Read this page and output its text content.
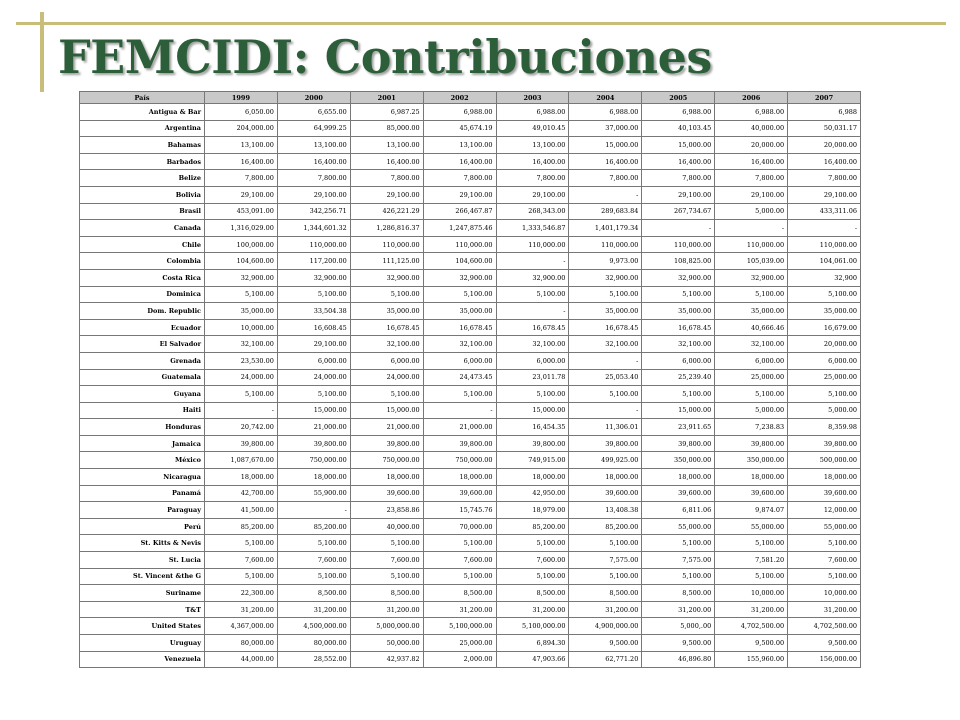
FEMCIDI: Contribuciones
País	1999	2000	2001	2002	2003	2004	2005	2006	2007
Antigua & Bar	6,050.00	6,655.00	6,987.25	6,988.00	6,988.00	6,988.00	6,988.00	6,988.00	6,988
Argentina	204,000.00	64,999.25	85,000.00	45,674.19	49,010.45	37,000.00	40,103.45	40,000.00	50,031.17
Bahamas	13,100.00	13,100.00	13,100.00	13,100.00	13,100.00	15,000.00	15,000.00	20,000.00	20,000.00
Barbados	16,400.00	16,400.00	16,400.00	16,400.00	16,400.00	16,400.00	16,400.00	16,400.00	16,400.00
Belize	7,800.00	7,800.00	7,800.00	7,800.00	7,800.00	7,800.00	7,800.00	7,800.00	7,800.00
Bolivia	29,100.00	29,100.00	29,100.00	29,100.00	29,100.00	-	29,100.00	29,100.00	29,100.00
Brasil	453,091.00	342,256.71	426,221.29	266,467.87	268,343.00	289,683.84	267,734.67	5,000.00	433,311.06
Canada	1,316,029.00	1,344,601.32	1,286,816.37	1,247,875.46	1,333,546.87	1,401,179.34	-	-	-
Chile	100,000.00	110,000.00	110,000.00	110,000.00	110,000.00	110,000.00	110,000.00	110,000.00	110,000.00
Colombia	104,600.00	117,200.00	111,125.00	104,600.00	-	9,973.00	108,825.00	105,039.00	104,061.00
Costa Rica	32,900.00	32,900.00	32,900.00	32,900.00	32,900.00	32,900.00	32,900.00	32,900.00	32,900
Dominica	5,100.00	5,100.00	5,100.00	5,100.00	5,100.00	5,100.00	5,100.00	5,100.00	5,100.00
Dom. Republic	35,000.00	33,504.38	35,000.00	35,000.00	-	35,000.00	35,000.00	35,000.00	35,000.00
Ecuador	10,000.00	16,608.45	16,678.45	16,678.45	16,678.45	16,678.45	16,678.45	40,666.46	16,679.00
El Salvador	32,100.00	29,100.00	32,100.00	32,100.00	32,100.00	32,100.00	32,100.00	32,100.00	20,000.00
Grenada	23,530.00	6,000.00	6,000.00	6,000.00	6,000.00	-	6,000.00	6,000.00	6,000.00
Guatemala	24,000.00	24,000.00	24,000.00	24,473.45	23,011.78	25,053.40	25,239.40	25,000.00	25,000.00
Guyana	5,100.00	5,100.00	5,100.00	5,100.00	5,100.00	5,100.00	5,100.00	5,100.00	5,100.00
Haiti	-	15,000.00	15,000.00	-	15,000.00	-	15,000.00	5,000.00	5,000.00
Honduras	20,742.00	21,000.00	21,000.00	21,000.00	16,454.35	11,306.01	23,911.65	7,238.83	8,359.98
Jamaica	39,800.00	39,800.00	39,800.00	39,800.00	39,800.00	39,800.00	39,800.00	39,800.00	39,800.00
México	1,087,670.00	750,000.00	750,000.00	750,000.00	749,915.00	499,925.00	350,000.00	350,000.00	500,000.00
Nicaragua	18,000.00	18,000.00	18,000.00	18,000.00	18,000.00	18,000.00	18,000.00	18,000.00	18,000.00
Panamá	42,700.00	55,900.00	39,600.00	39,600.00	42,950.00	39,600.00	39,600.00	39,600.00	39,600.00
Paraguay	41,500.00	-	23,858.86	15,745.76	18,979.00	13,408.38	6,811.06	9,874.07	12,000.00
Perú	85,200.00	85,200.00	40,000.00	70,000.00	85,200.00	85,200.00	55,000.00	55,000.00	55,000.00
St. Kitts & Nevis	5,100.00	5,100.00	5,100.00	5,100.00	5,100.00	5,100.00	5,100.00	5,100.00	5,100.00
St. Lucia	7,600.00	7,600.00	7,600.00	7,600.00	7,600.00	7,575.00	7,575.00	7,581.20	7,600.00
St. Vincent &the G	5,100.00	5,100.00	5,100.00	5,100.00	5,100.00	5,100.00	5,100.00	5,100.00	5,100.00
Suriname	22,300.00	8,500.00	8,500.00	8,500.00	8,500.00	8,500.00	8,500.00	10,000.00	10,000.00
T&T	31,200.00	31,200.00	31,200.00	31,200.00	31,200.00	31,200.00	31,200.00	31,200.00	31,200.00
United States	4,367,000.00	4,500,000.00	5,000,000.00	5,100,000.00	5,100,000.00	4,900,000.00	5,000,.00	4,702,500.00	4,702,500.00
Uruguay	80,000.00	80,000.00	50,000.00	25,000.00	6,894.30	9,500.00	9,500.00	9,500.00	9,500.00
Venezuela	44,000.00	28,552.00	42,937.82	2,000.00	47,903.66	62,771.20	46,896.80	155,960.00	156,000.00
